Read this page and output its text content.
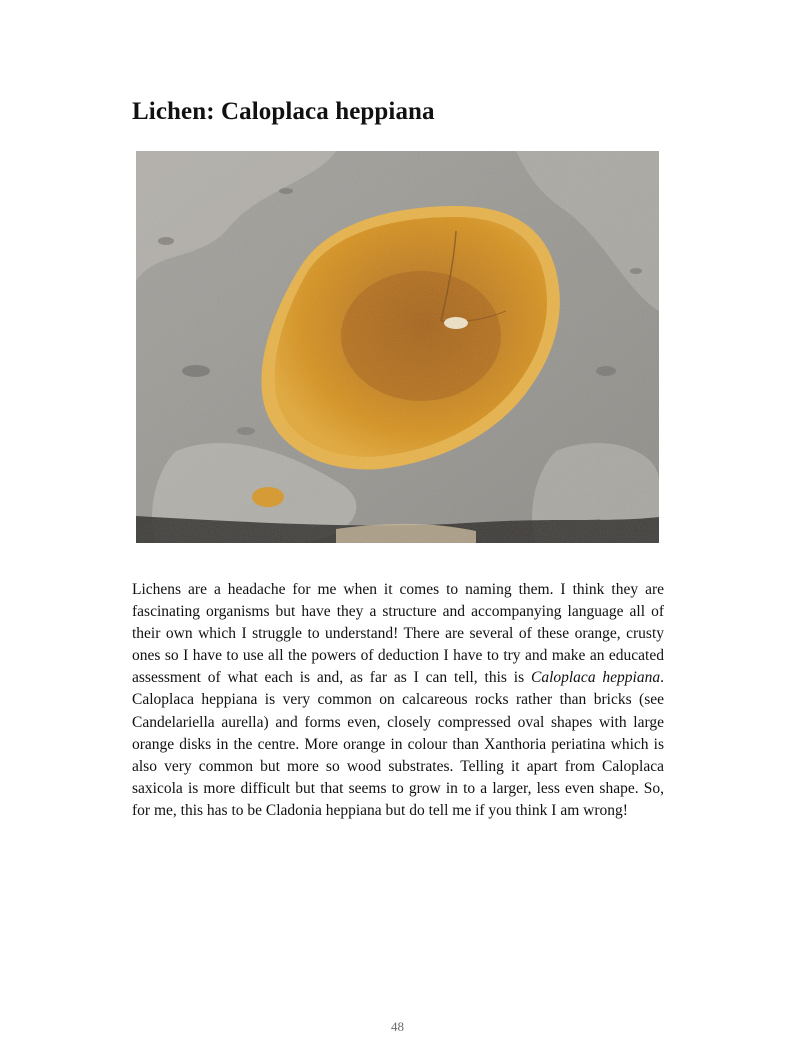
Lichen: Caloplaca heppiana

Lichens are a headache for me when it comes to naming them. I think they are fascinating organisms but have they a structure and accompanying language all of their own which I struggle to understand! There are several of these orange, crusty ones so I have to use all the powers of deduction I have to try and make an educated assessment of what each is and, as far as I can tell, this is Caloplaca heppiana. Caloplaca heppiana is very common on calcareous rocks rather than bricks (see Candelariella aurella) and forms even, closely compressed oval shapes with large orange disks in the centre. More orange in colour than Xanthoria periatina which is also very common but more so wood substrates. Telling it apart from Caloplaca saxicola is more difficult but that seems to grow in to a larger, less even shape. So, for me, this has to be Cladonia heppiana but do tell me if you think I am wrong!

48
